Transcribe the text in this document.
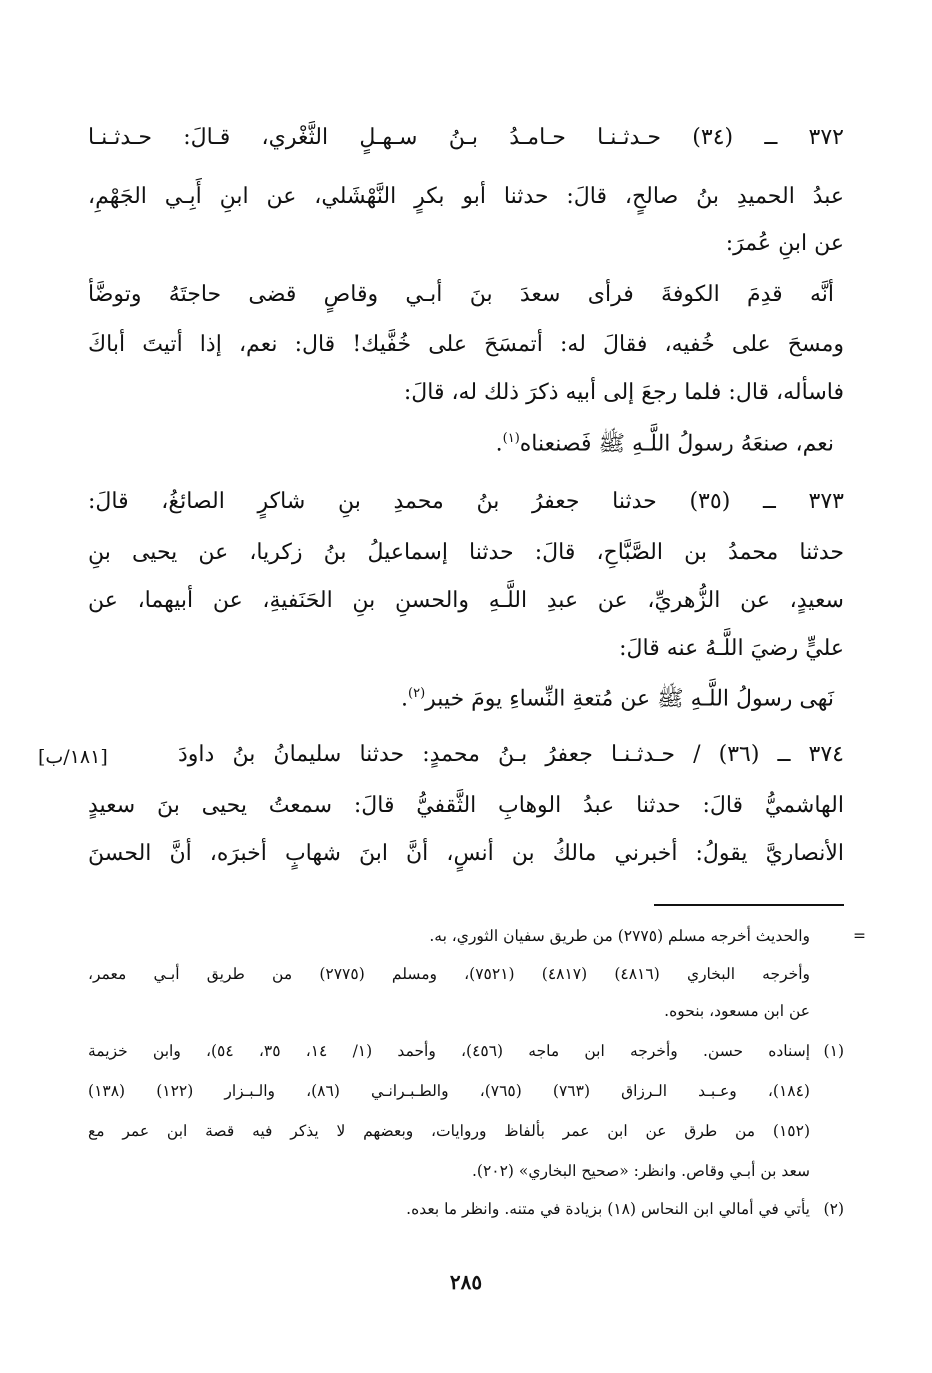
٣٧٢ ــ (٣٤) حـدثـنـا حـامـدُ بـنُ سـهـلٍ الثَّغْري، قـالَ: حـدثـنـا
عبدُ الحميدِ بنُ صالحٍ، قالَ: حدثنا أبو بكرٍ النَّهْشَلي، عن ابنِ أَبِـي الجَهْمِ،
عن ابنِ عُمرَ:
أنَّه قدِمَ الكوفةَ فرأى سعدَ بنَ أبـي وقاصٍ قضى حاجتَهُ وتوضَّأ
ومسحَ على خُفيه، فقالَ له: أتمسَحَ على خُفَّيك! قال: نعم، إذا أتيتَ أباكَ
فاسأله، قال: فلما رجعَ إلى أبيه ذكرَ ذلك له، قالَ:
نعم، صنعَهُ رسولُ اللَّـهِ ﷺ فَصنعناه$^{(١)}$.
٣٧٣ ــ (٣٥) حدثنا جعفرُ بنُ محمدِ بنِ شاكرٍ الصائغُ، قالَ:
حدثنا محمدُ بن الصَّبَّاحِ، قالَ: حدثنا إسماعيلُ بنُ زكريا، عن يحيى بنِ
سعيدٍ، عن الزُّهريِّ، عن عبدِ اللَّـهِ والحسنِ بنِ الحَنَفيةِ، عن أبيهما، عن
عليٍّ رضيَ اللَّـهُ عنه قالَ:
نَهى رسولُ اللَّـهِ ﷺ عن مُتعةِ النِّساءِ يومَ خيبر$^{(٢)}$.
٣٧٤ ــ (٣٦) / حـدثـنـا جعفرُ بـنُ محمدٍ: حدثنا سليمانُ بنُ داودَ
[١٨١/ب]
الهاشميُّ قالَ: حدثنا عبدُ الوهابِ الثَّقفيُّ قالَ: سمعتُ يحيى بنَ سعيدٍ
الأنصاريَّ يقولُ: أخبرني مالكُ بن أنسٍ، أنَّ ابنَ شهابٍ أخبرَه، أنَّ الحسنَ
=
والحديث أخرجه مسلم (٢٧٧٥) من طريق سفيان الثوري، به.
وأخرجه البخاري (٤٨١٦) (٤٨١٧) (٧٥٢١)، ومسلم (٢٧٧٥) من طريق أبـي معمر،
عن ابن مسعود، بنحوه.
(١)
إسناده حسن. وأخرجه ابن ماجه (٤٥٦)، وأحمد (١/ ١٤، ٣٥، ٥٤)، وابن خزيمة
(١٨٤)، وعـبـد الـرزاق (٧٦٣) (٧٦٥)، والطـبـرانـي (٨٦)، والـبـزار (١٢٢) (١٣٨)
(١٥٢) من طرق عن ابن عمر بألفاظ وروايات، وبعضهم لا يذكر فيه قصة ابن عمر مع
سعد بن أبـي وقاص. وانظر: «صحيح البخاري» (٢٠٢).
(٢)
يأتي في أمالي ابن النحاس (١٨) بزيادة في متنه. وانظر ما بعده.
٢٨٥
